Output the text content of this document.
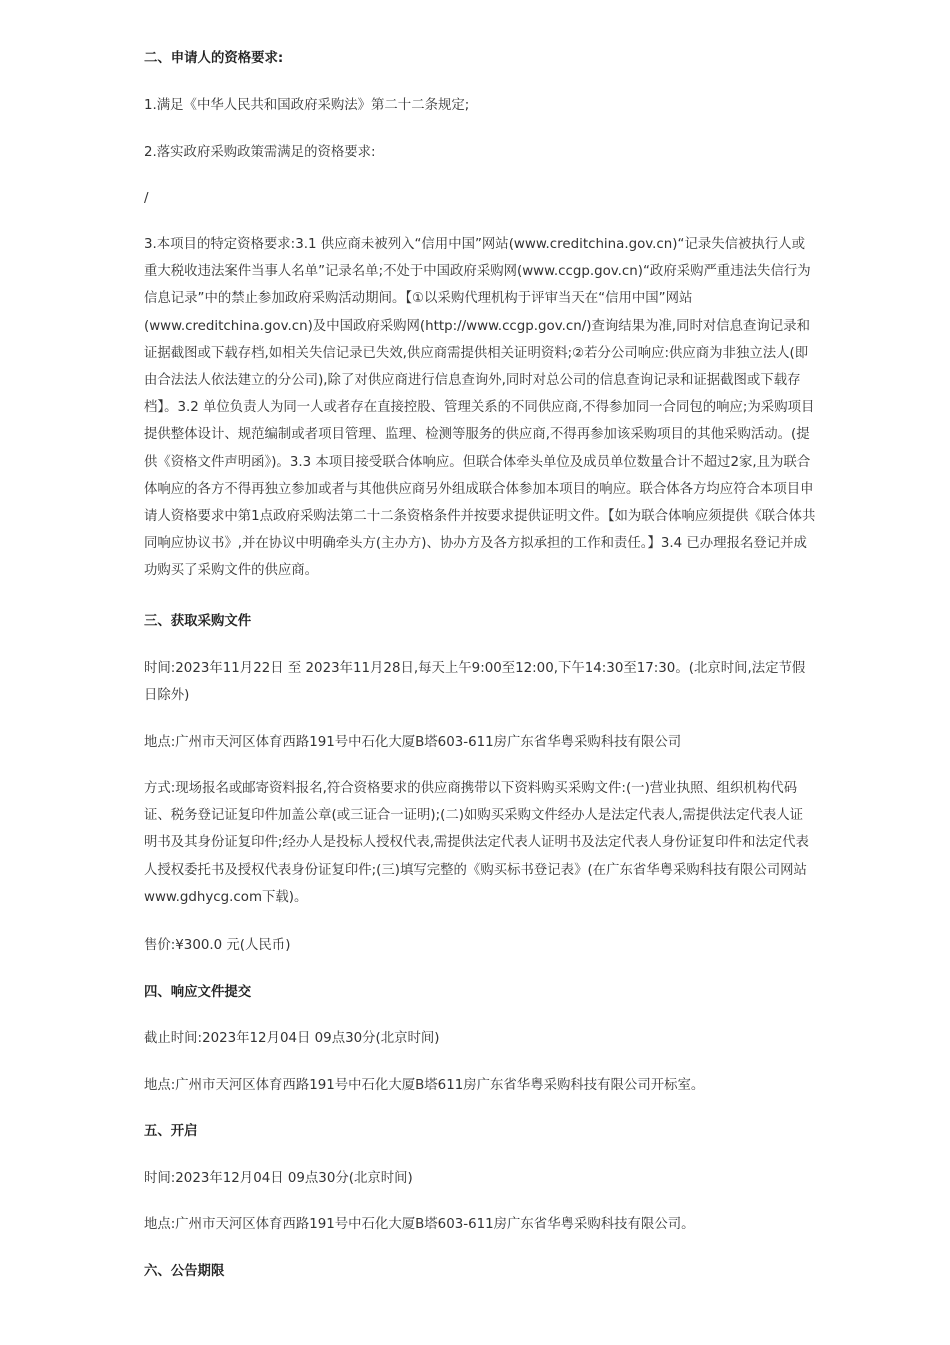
二、申请人的资格要求:

1.满足《中华人民共和国政府采购法》第二十二条规定;

2.落实政府采购政策需满足的资格要求:

/

3.本项目的特定资格要求:3.1 供应商未被列入“信用中国”网站(www.creditchina.gov.cn)“记录失信被执行人或重大税收违法案件当事人名单”记录名单;不处于中国政府采购网(www.ccgp.gov.cn)“政府采购严重违法失信行为信息记录”中的禁止参加政府采购活动期间。【①以采购代理机构于评审当天在“信用中国”网站(www.creditchina.gov.cn)及中国政府采购网(http://www.ccgp.gov.cn/)查询结果为准,同时对信息查询记录和证据截图或下载存档,如相关失信记录已失效,供应商需提供相关证明资料;②若分公司响应:供应商为非独立法人(即由合法法人依法建立的分公司),除了对供应商进行信息查询外,同时对总公司的信息查询记录和证据截图或下载存档】。3.2 单位负责人为同一人或者存在直接控股、管理关系的不同供应商,不得参加同一合同包的响应;为采购项目提供整体设计、规范编制或者项目管理、监理、检测等服务的供应商,不得再参加该采购项目的其他采购活动。(提供《资格文件声明函》)。3.3 本项目接受联合体响应。但联合体牵头单位及成员单位数量合计不超过2家,且为联合体响应的各方不得再独立参加或者与其他供应商另外组成联合体参加本项目的响应。联合体各方均应符合本项目申请人资格要求中第1点政府采购法第二十二条资格条件并按要求提供证明文件。【如为联合体响应须提供《联合体共同响应协议书》,并在协议中明确牵头方(主办方)、协办方及各方拟承担的工作和责任。】3.4 已办理报名登记并成功购买了采购文件的供应商。

三、获取采购文件

时间:2023年11月22日 至 2023年11月28日,每天上午9:00至12:00,下午14:30至17:30。(北京时间,法定节假日除外)

地点:广州市天河区体育西路191号中石化大厦B塔603-611房广东省华粤采购科技有限公司

方式:现场报名或邮寄资料报名,符合资格要求的供应商携带以下资料购买采购文件:(一)营业执照、组织机构代码证、税务登记证复印件加盖公章(或三证合一证明);(二)如购买采购文件经办人是法定代表人,需提供法定代表人证明书及其身份证复印件;经办人是投标人授权代表,需提供法定代表人证明书及法定代表人身份证复印件和法定代表人授权委托书及授权代表身份证复印件;(三)填写完整的《购买标书登记表》(在广东省华粤采购科技有限公司网站www.gdhycg.com下载)。

售价:¥300.0 元(人民币)

四、响应文件提交

截止时间:2023年12月04日 09点30分(北京时间)

地点:广州市天河区体育西路191号中石化大厦B塔611房广东省华粤采购科技有限公司开标室。

五、开启

时间:2023年12月04日 09点30分(北京时间)

地点:广州市天河区体育西路191号中石化大厦B塔603-611房广东省华粤采购科技有限公司。

六、公告期限
